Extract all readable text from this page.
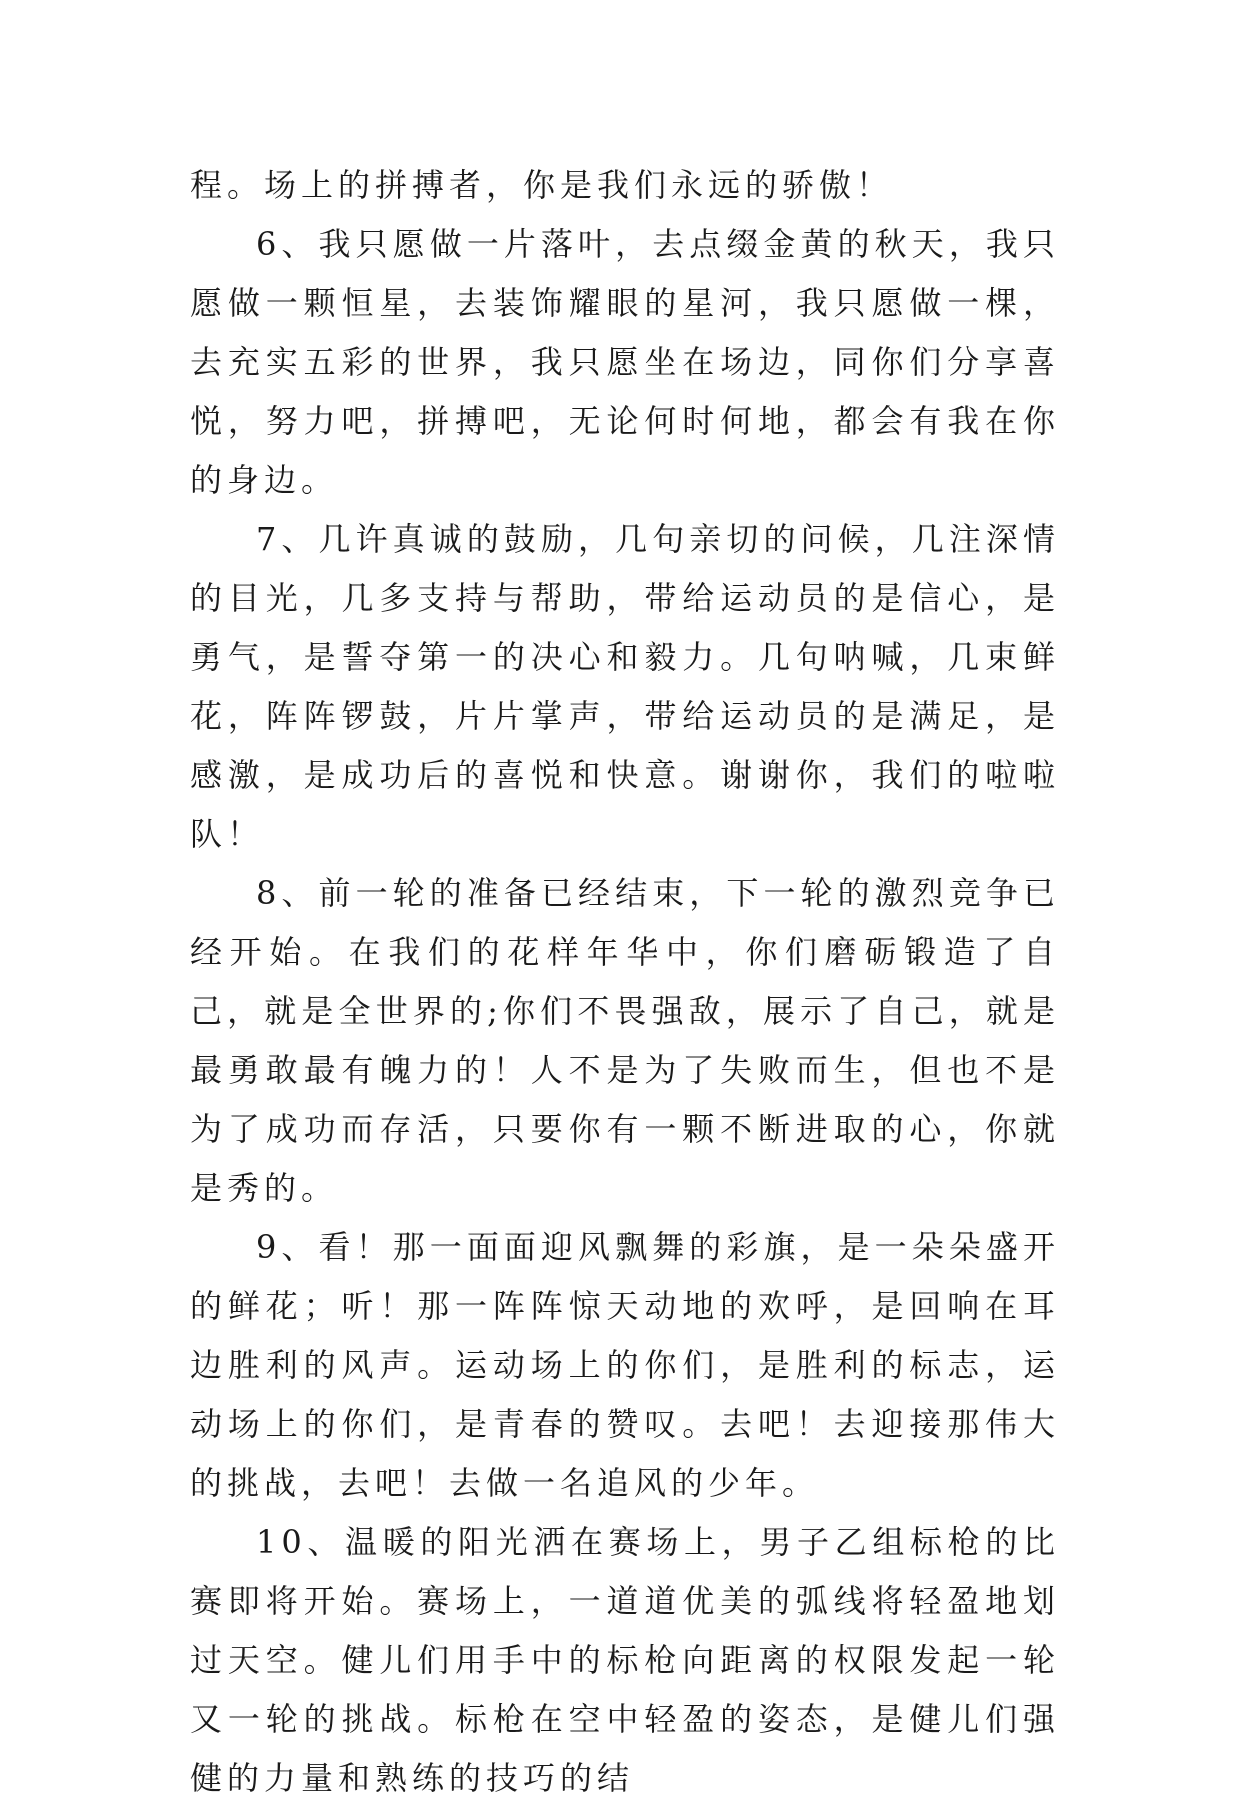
程。场上的拼搏者，你是我们永远的骄傲！

6、我只愿做一片落叶，去点缀金黄的秋天，我只愿做一颗恒星，去装饰耀眼的星河，我只愿做一棵，去充实五彩的世界，我只愿坐在场边，同你们分享喜悦，努力吧，拼搏吧，无论何时何地，都会有我在你的身边。

7、几许真诚的鼓励，几句亲切的问候，几注深情的目光，几多支持与帮助，带给运动员的是信心，是勇气，是誓夺第一的决心和毅力。几句呐喊，几束鲜花，阵阵锣鼓，片片掌声，带给运动员的是满足，是感激，是成功后的喜悦和快意。谢谢你，我们的啦啦队！

8、前一轮的准备已经结束，下一轮的激烈竞争已经开始。在我们的花样年华中，你们磨砺锻造了自己，就是全世界的;你们不畏强敌，展示了自己，就是最勇敢最有魄力的！人不是为了失败而生，但也不是为了成功而存活，只要你有一颗不断进取的心，你就是秀的。

9、看！那一面面迎风飘舞的彩旗，是一朵朵盛开的鲜花；听！那一阵阵惊天动地的欢呼，是回响在耳边胜利的风声。运动场上的你们，是胜利的标志，运动场上的你们，是青春的赞叹。去吧！去迎接那伟大的挑战，去吧！去做一名追风的少年。

10、温暖的阳光洒在赛场上，男子乙组标枪的比赛即将开始。赛场上，一道道优美的弧线将轻盈地划过天空。健儿们用手中的标枪向距离的权限发起一轮又一轮的挑战。标枪在空中轻盈的姿态，是健儿们强健的力量和熟练的技巧的结
